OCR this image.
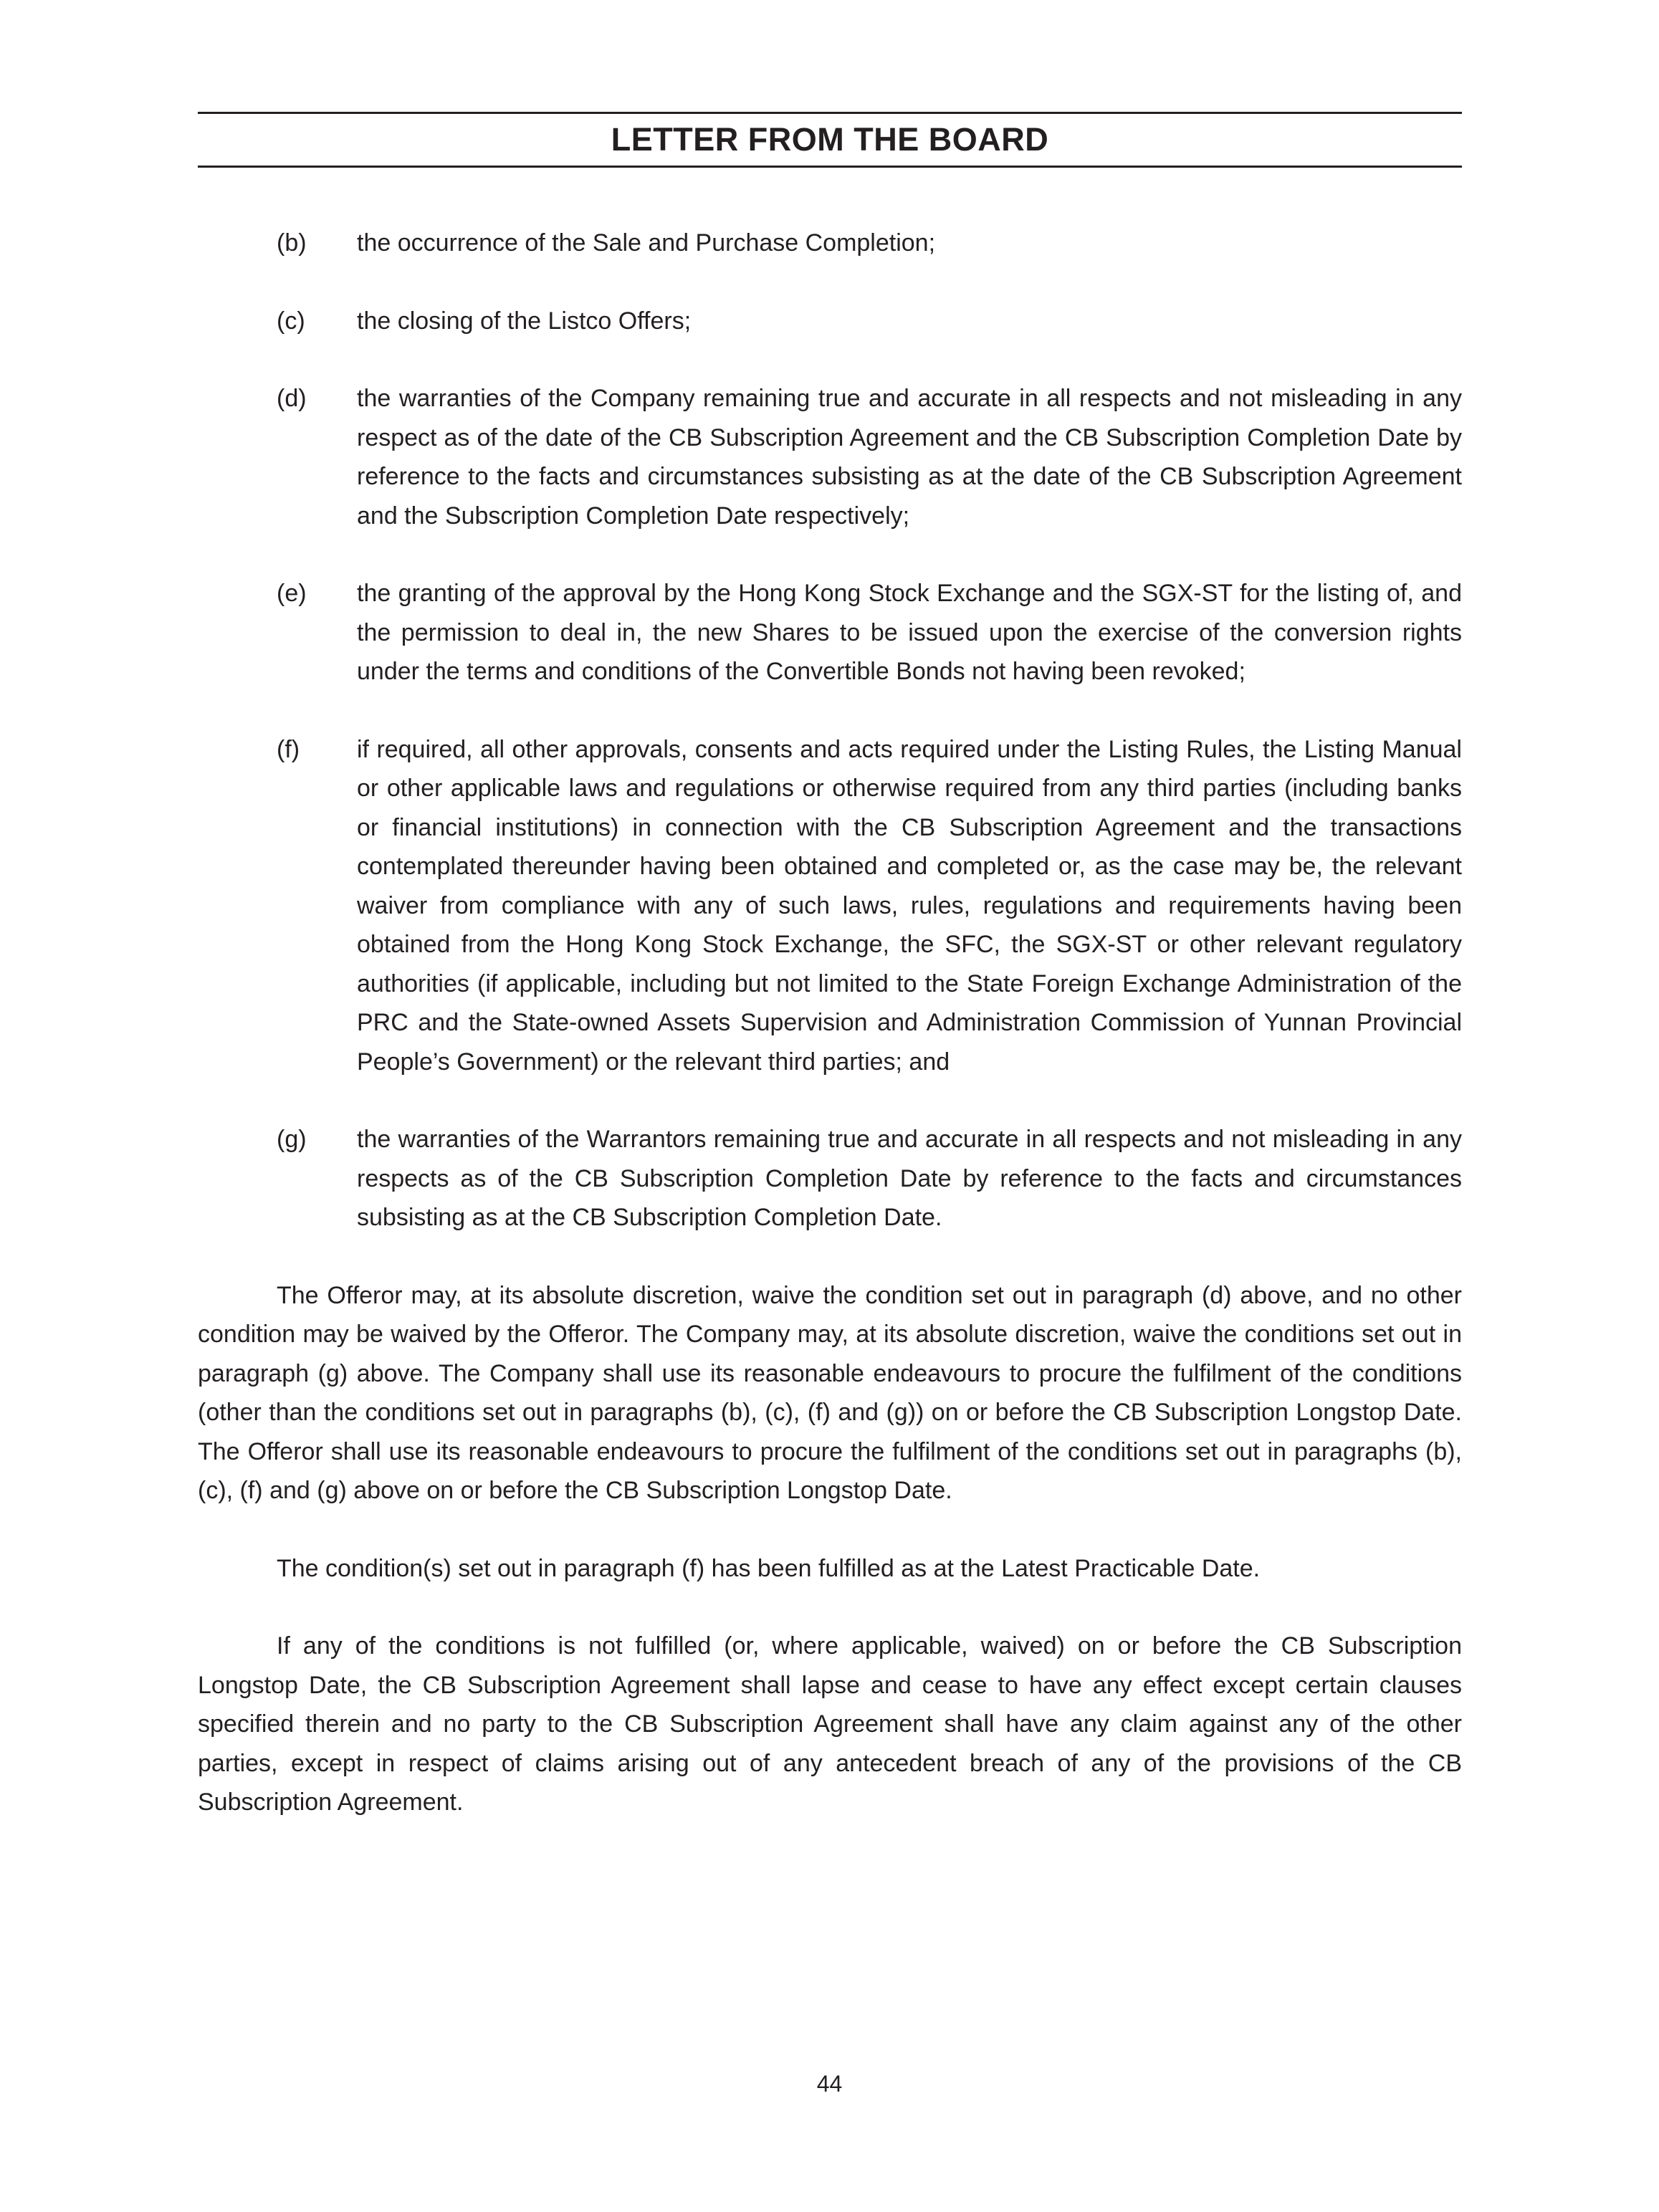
LETTER FROM THE BOARD
(b)	the occurrence of the Sale and Purchase Completion;
(c)	the closing of the Listco Offers;
(d)	the warranties of the Company remaining true and accurate in all respects and not misleading in any respect as of the date of the CB Subscription Agreement and the CB Subscription Completion Date by reference to the facts and circumstances subsisting as at the date of the CB Subscription Agreement and the Subscription Completion Date respectively;
(e)	the granting of the approval by the Hong Kong Stock Exchange and the SGX-ST for the listing of, and the permission to deal in, the new Shares to be issued upon the exercise of the conversion rights under the terms and conditions of the Convertible Bonds not having been revoked;
(f)	if required, all other approvals, consents and acts required under the Listing Rules, the Listing Manual or other applicable laws and regulations or otherwise required from any third parties (including banks or financial institutions) in connection with the CB Subscription Agreement and the transactions contemplated thereunder having been obtained and completed or, as the case may be, the relevant waiver from compliance with any of such laws, rules, regulations and requirements having been obtained from the Hong Kong Stock Exchange, the SFC, the SGX-ST or other relevant regulatory authorities (if applicable, including but not limited to the State Foreign Exchange Administration of the PRC and the State-owned Assets Supervision and Administration Commission of Yunnan Provincial People’s Government) or the relevant third parties; and
(g)	the warranties of the Warrantors remaining true and accurate in all respects and not misleading in any respects as of the CB Subscription Completion Date by reference to the facts and circumstances subsisting as at the CB Subscription Completion Date.

The Offeror may, at its absolute discretion, waive the condition set out in paragraph (d) above, and no other condition may be waived by the Offeror. The Company may, at its absolute discretion, waive the conditions set out in paragraph (g) above. The Company shall use its reasonable endeavours to procure the fulfilment of the conditions (other than the conditions set out in paragraphs (b), (c), (f) and (g)) on or before the CB Subscription Longstop Date. The Offeror shall use its reasonable endeavours to procure the fulfilment of the conditions set out in paragraphs (b), (c), (f) and (g) above on or before the CB Subscription Longstop Date.

The condition(s) set out in paragraph (f) has been fulfilled as at the Latest Practicable Date.

If any of the conditions is not fulfilled (or, where applicable, waived) on or before the CB Subscription Longstop Date, the CB Subscription Agreement shall lapse and cease to have any effect except certain clauses specified therein and no party to the CB Subscription Agreement shall have any claim against any of the other parties, except in respect of claims arising out of any antecedent breach of any of the provisions of the CB Subscription Agreement.

44
